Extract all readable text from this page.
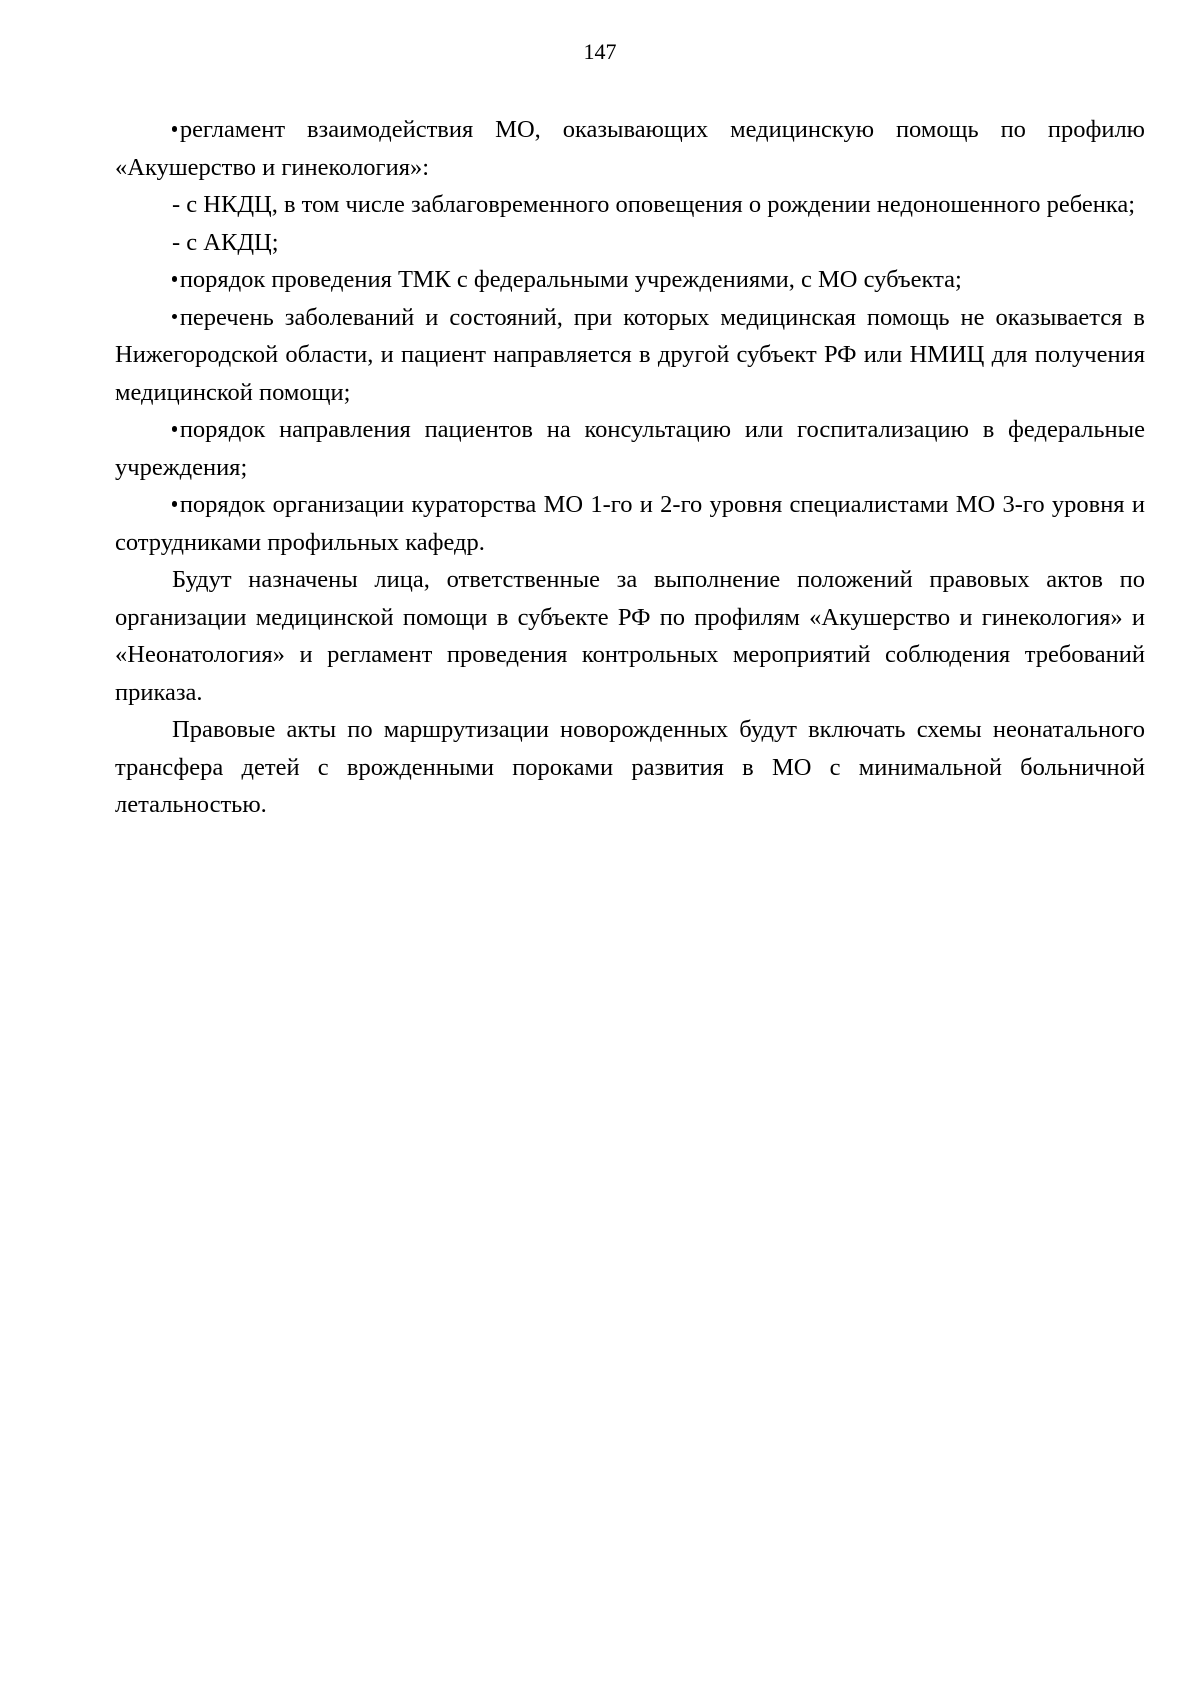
147

регламент взаимодействия МО, оказывающих медицинскую помощь по профилю «Акушерство и гинекология»:

- с НКДЦ, в том числе заблаговременного оповещения о рождении недоношенного ребенка;

- с АКДЦ;

порядок проведения ТМК с федеральными учреждениями, с МО субъекта;

перечень заболеваний и состояний, при которых медицинская помощь не оказывается в Нижегородской области, и пациент направляется в другой субъект РФ или НМИЦ для получения медицинской помощи;

порядок направления пациентов на консультацию или госпитализацию в федеральные учреждения;

порядок организации кураторства МО 1-го и 2-го уровня специалистами МО 3-го уровня и сотрудниками профильных кафедр.

Будут назначены лица, ответственные за выполнение положений правовых актов по организации медицинской помощи в субъекте РФ по профилям «Акушерство и гинекология» и «Неонатология» и регламент проведения контрольных мероприятий соблюдения требований приказа.

Правовые акты по маршрутизации новорожденных будут включать схемы неонатального трансфера детей с врожденными пороками развития в МО с минимальной больничной летальностью.
